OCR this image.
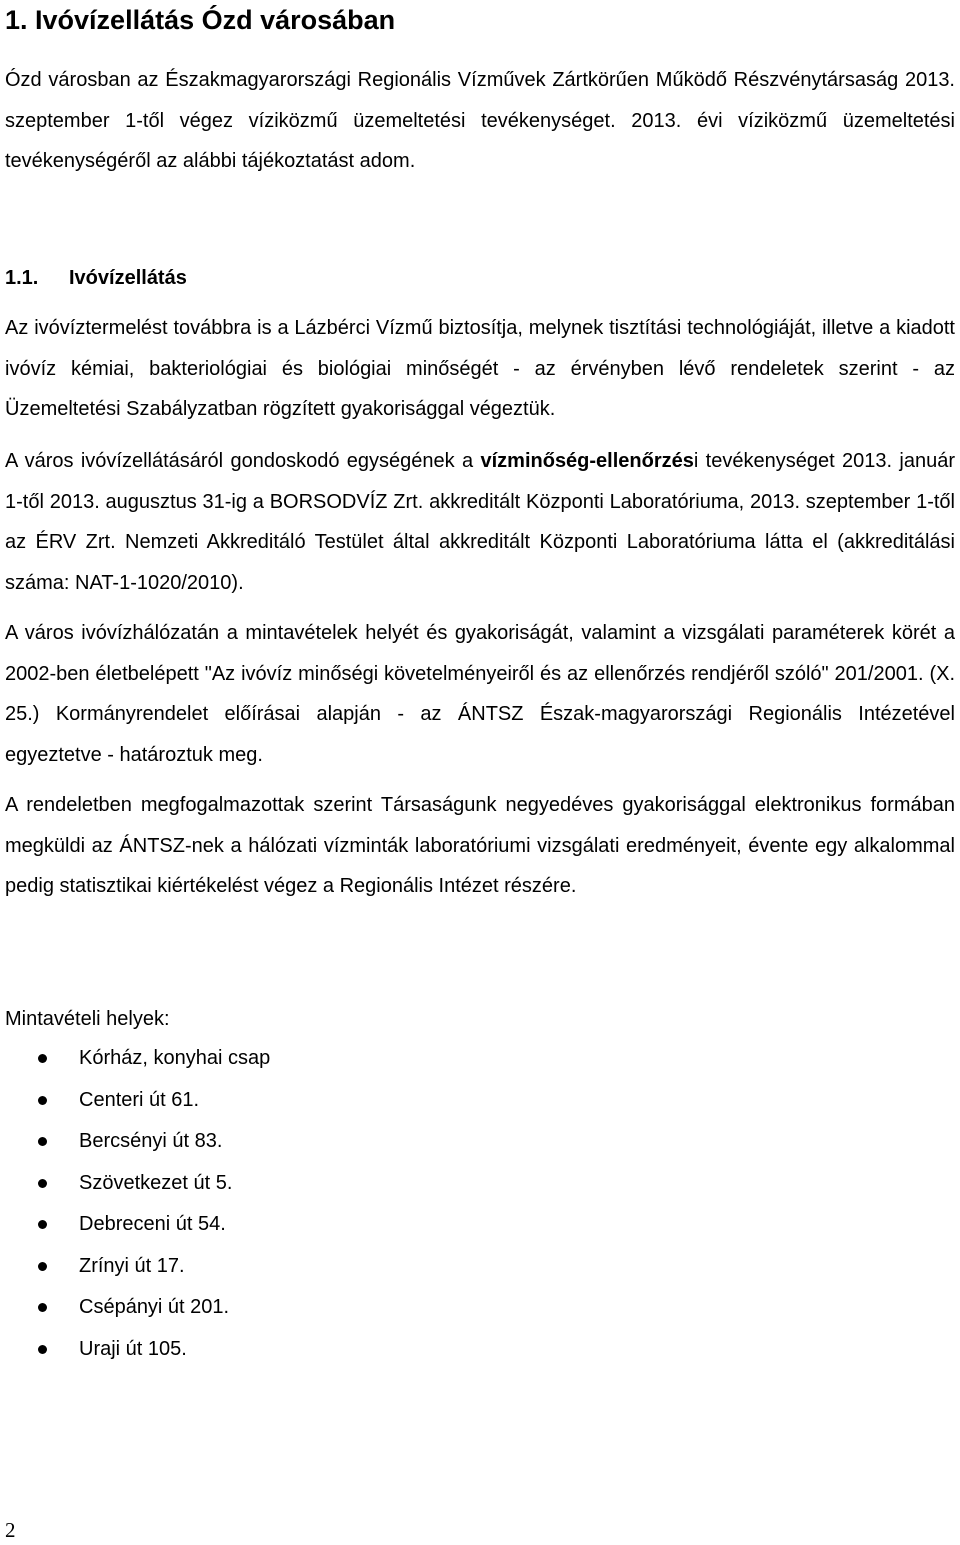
1. Ivóvízellátás Ózd városában

Ózd városban az Északmagyarországi Regionális Vízművek Zártkörűen Működő Részvénytársaság 2013. szeptember 1-től végez víziközmű üzemeltetési tevékenységet. 2013. évi víziközmű üzemeltetési tevékenységéről az alábbi tájékoztatást adom.

1.1. Ivóvízellátás

Az ivóvíztermelést továbbra is a Lázbérci Vízmű biztosítja, melynek tisztítási technológiáját, illetve a kiadott ivóvíz kémiai, bakteriológiai és biológiai minőségét - az érvényben lévő rendeletek szerint - az Üzemeltetési Szabályzatban rögzített gyakorisággal végeztük.

A város ivóvízellátásáról gondoskodó egységének a vízminőség-ellenőrzési tevékenységet 2013. január 1-től 2013. augusztus 31-ig a BORSODVÍZ Zrt. akkreditált Központi Laboratóriuma, 2013. szeptember 1-től az ÉRV Zrt. Nemzeti Akkreditáló Testület által akkreditált Központi Laboratóriuma látta el (akkreditálási száma: NAT-1-1020/2010).

A város ivóvízhálózatán a mintavételek helyét és gyakoriságát, valamint a vizsgálati paraméterek körét a 2002-ben életbelépett "Az ivóvíz minőségi követelményeiről és az ellenőrzés rendjéről szóló" 201/2001. (X. 25.) Kormányrendelet előírásai alapján - az ÁNTSZ Észak-magyarországi Regionális Intézetével egyeztetve - határoztuk meg.

A rendeletben megfogalmazottak szerint Társaságunk negyedéves gyakorisággal elektronikus formában megküldi az ÁNTSZ-nek a hálózati vízminták laboratóriumi vizsgálati eredményeit, évente egy alkalommal pedig statisztikai kiértékelést végez a Regionális Intézet részére.

Mintavételi helyek:

Kórház, konyhai csap
Centeri út 61.
Bercsényi út 83.
Szövetkezet út 5.
Debreceni út 54.
Zrínyi út 17.
Csépányi út 201.
Uraji út 105.

2
